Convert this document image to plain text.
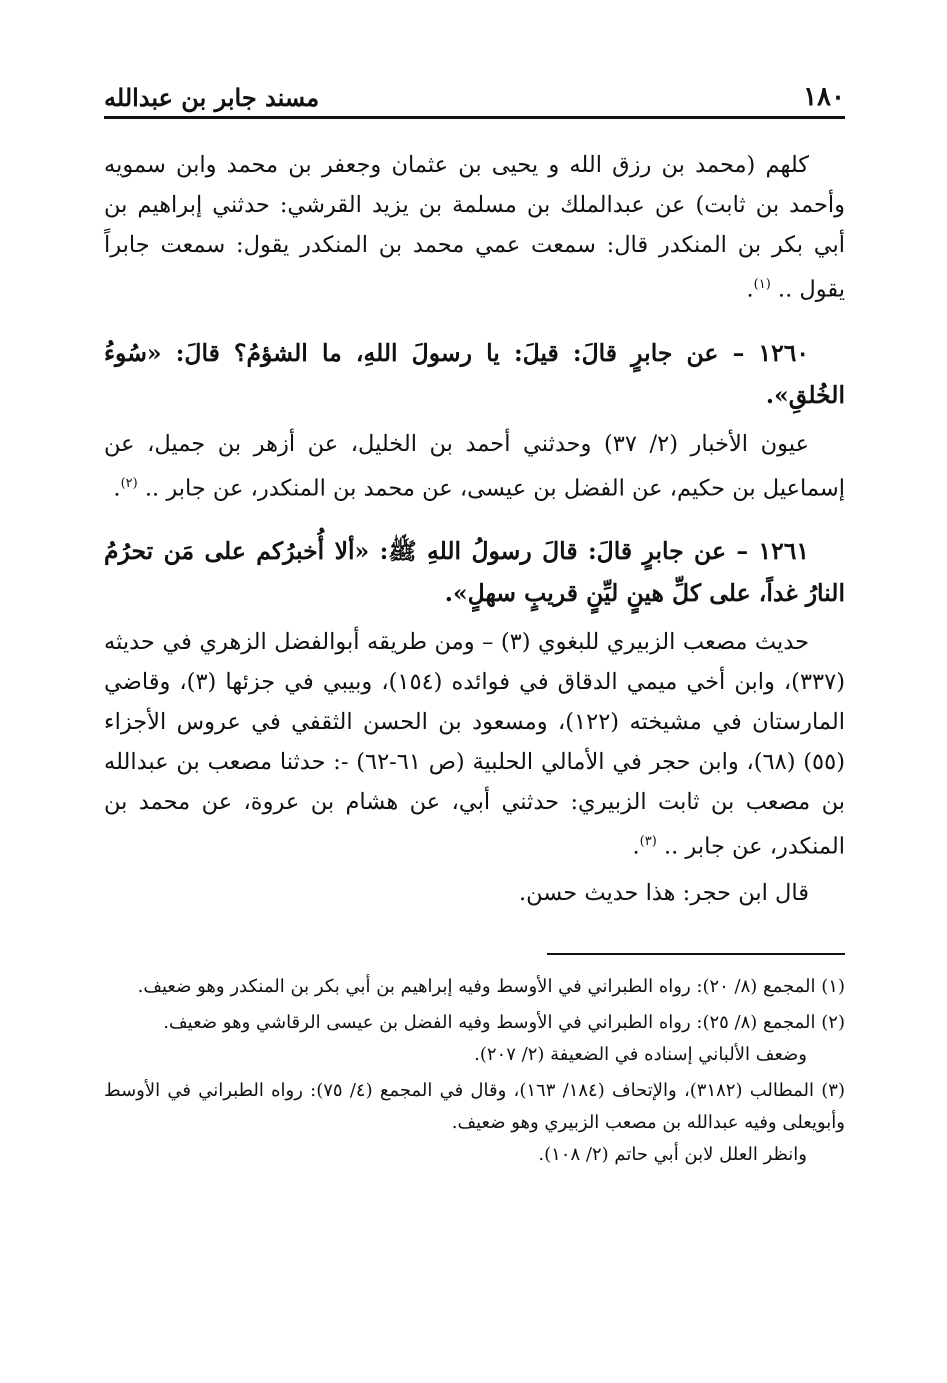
١٨٠
مسند جابر بن عبدالله

كلهم (محمد بن رزق الله و يحيى بن عثمان وجعفر بن محمد وابن سمويه وأحمد بن ثابت) عن عبدالملك بن مسلمة بن يزيد القرشي: حدثني إبراهيم بن أبي بكر بن المنكدر قال: سمعت عمي محمد بن المنكدر يقول: سمعت جابراً يقول .. $^{(١)}$.

١٢٦٠ – عن جابرٍ قالَ: قيلَ: يا رسولَ اللهِ، ما الشؤمُ؟ قالَ: «سُوءُ الخُلقِ».

عيون الأخبار (٢/ ٣٧) وحدثني أحمد بن الخليل، عن أزهر بن جميل، عن إسماعيل بن حكيم، عن الفضل بن عيسى، عن محمد بن المنكدر، عن جابر .. $^{(٢)}$.

١٢٦١ – عن جابرٍ قالَ: قالَ رسولُ اللهِ ﷺ: «ألا أُخبرُكم على مَن تحرُمُ النارُ غداً، على كلِّ هينٍ ليِّنٍ قريبٍ سهلٍ».

حديث مصعب الزبيري للبغوي (٣) – ومن طريقه أبوالفضل الزهري في حديثه (٣٣٧)، وابن أخي ميمي الدقاق في فوائده (١٥٤)، وبيبي في جزئها (٣)، وقاضي المارستان في مشيخته (١٢٢)، ومسعود بن الحسن الثقفي في عروس الأجزاء (٥٥) (٦٨)، وابن حجر في الأمالي الحلبية (ص ٦١-٦٢) -: حدثنا مصعب بن عبدالله بن مصعب بن ثابت الزبيري: حدثني أبي، عن هشام بن عروة، عن محمد بن المنكدر، عن جابر .. $^{(٣)}$.

قال ابن حجر: هذا حديث حسن.

(١) المجمع (٨/ ٢٠): رواه الطبراني في الأوسط وفيه إبراهيم بن أبي بكر بن المنكدر وهو ضعيف.
(٢) المجمع (٨/ ٢٥): رواه الطبراني في الأوسط وفيه الفضل بن عيسى الرقاشي وهو ضعيف.
وضعف الألباني إسناده في الضعيفة (٢/ ٢٠٧).
(٣) المطالب (٣١٨٢)، والإتحاف (١٨٤/ ١٦٣)، وقال في المجمع (٤/ ٧٥): رواه الطبراني في الأوسط وأبويعلى وفيه عبدالله بن مصعب الزبيري وهو ضعيف.
وانظر العلل لابن أبي حاتم (٢/ ١٠٨).
